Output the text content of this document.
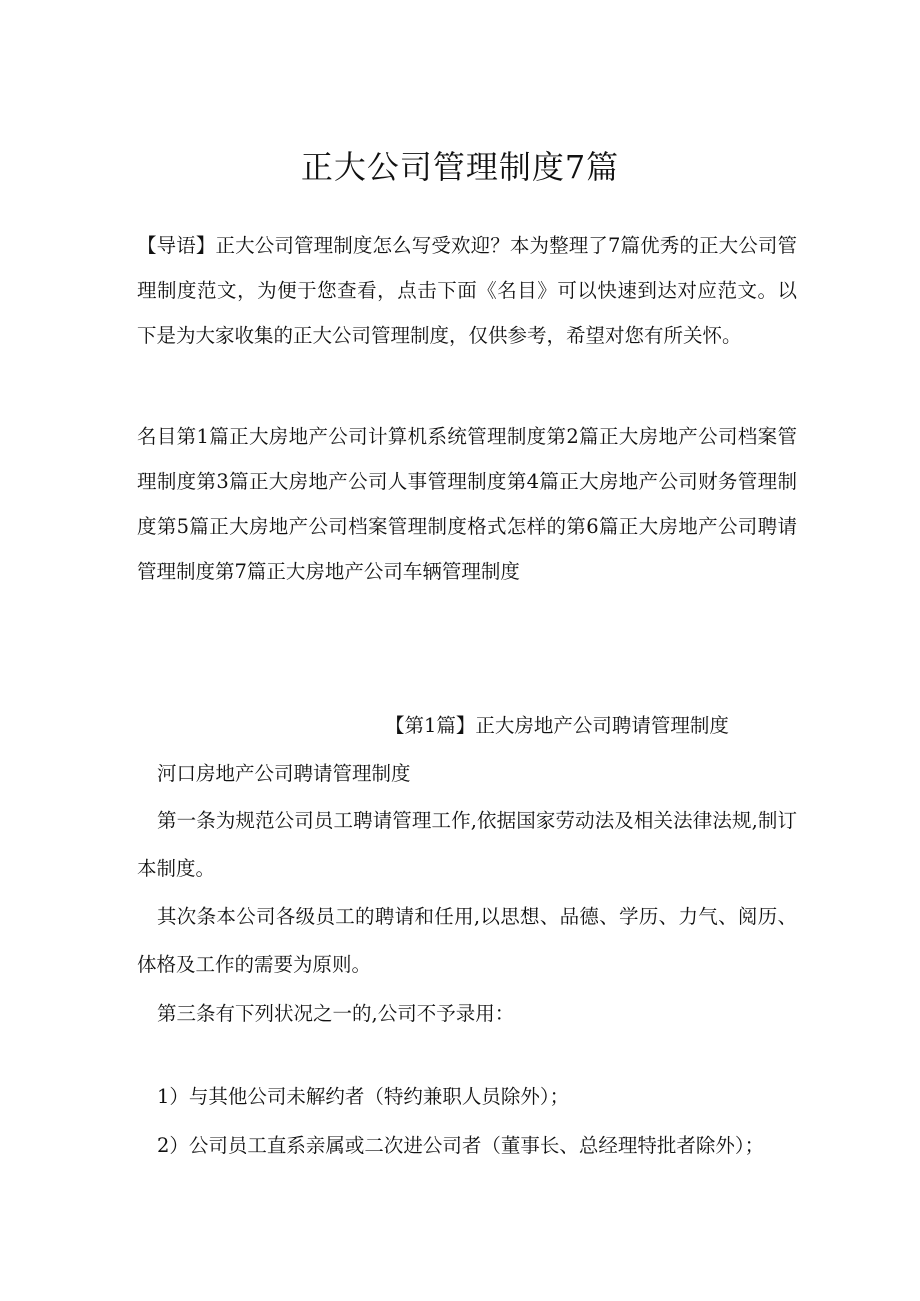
正大公司管理制度7篇

【导语】正大公司管理制度怎么写受欢迎？本为整理了7篇优秀的正大公司管理制度范文，为便于您查看，点击下面《名目》可以快速到达对应范文。以下是为大家收集的正大公司管理制度，仅供参考，希望对您有所关怀。

名目第1篇正大房地产公司计算机系统管理制度第2篇正大房地产公司档案管理制度第3篇正大房地产公司人事管理制度第4篇正大房地产公司财务管理制度第5篇正大房地产公司档案管理制度格式怎样的第6篇正大房地产公司聘请管理制度第7篇正大房地产公司车辆管理制度

【第1篇】正大房地产公司聘请管理制度
河口房地产公司聘请管理制度

第一条为规范公司员工聘请管理工作,依据国家劳动法及相关法律法规,制订本制度。

其次条本公司各级员工的聘请和任用,以思想、品德、学历、力气、阅历、体格及工作的需要为原则。

第三条有下列状况之一的,公司不予录用：

1）与其他公司未解约者（特约兼职人员除外）；
2）公司员工直系亲属或二次进公司者（董事长、总经理特批者除外）；
